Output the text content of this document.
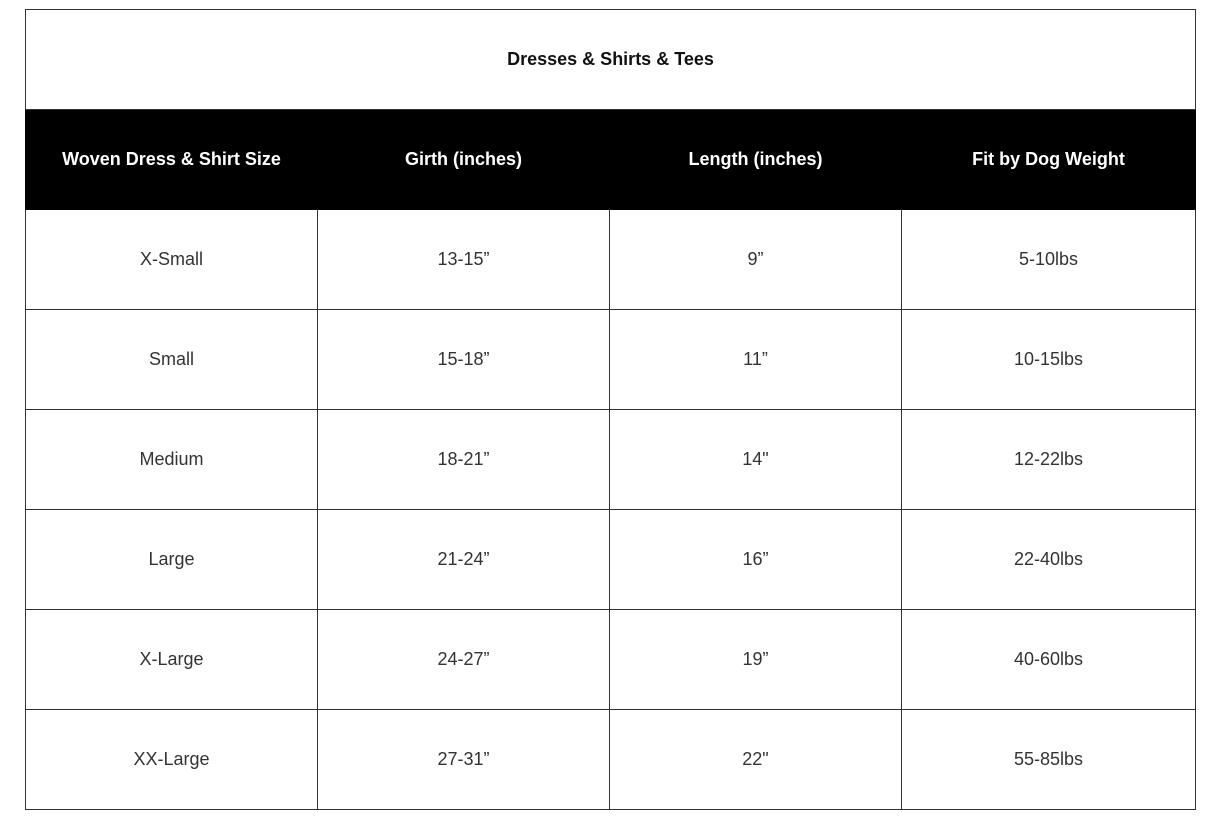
Dresses & Shirts & Tees			
Woven Dress & Shirt Size	Girth (inches)	Length (inches)	Fit by Dog Weight
X-Small	13-15”	9”	5-10lbs
Small	15-18”	11”	10-15lbs
Medium	18-21”	14"	12-22lbs
Large	21-24”	16”	22-40lbs
X-Large	24-27”	19”	40-60lbs
XX-Large	27-31”	22"	55-85lbs
